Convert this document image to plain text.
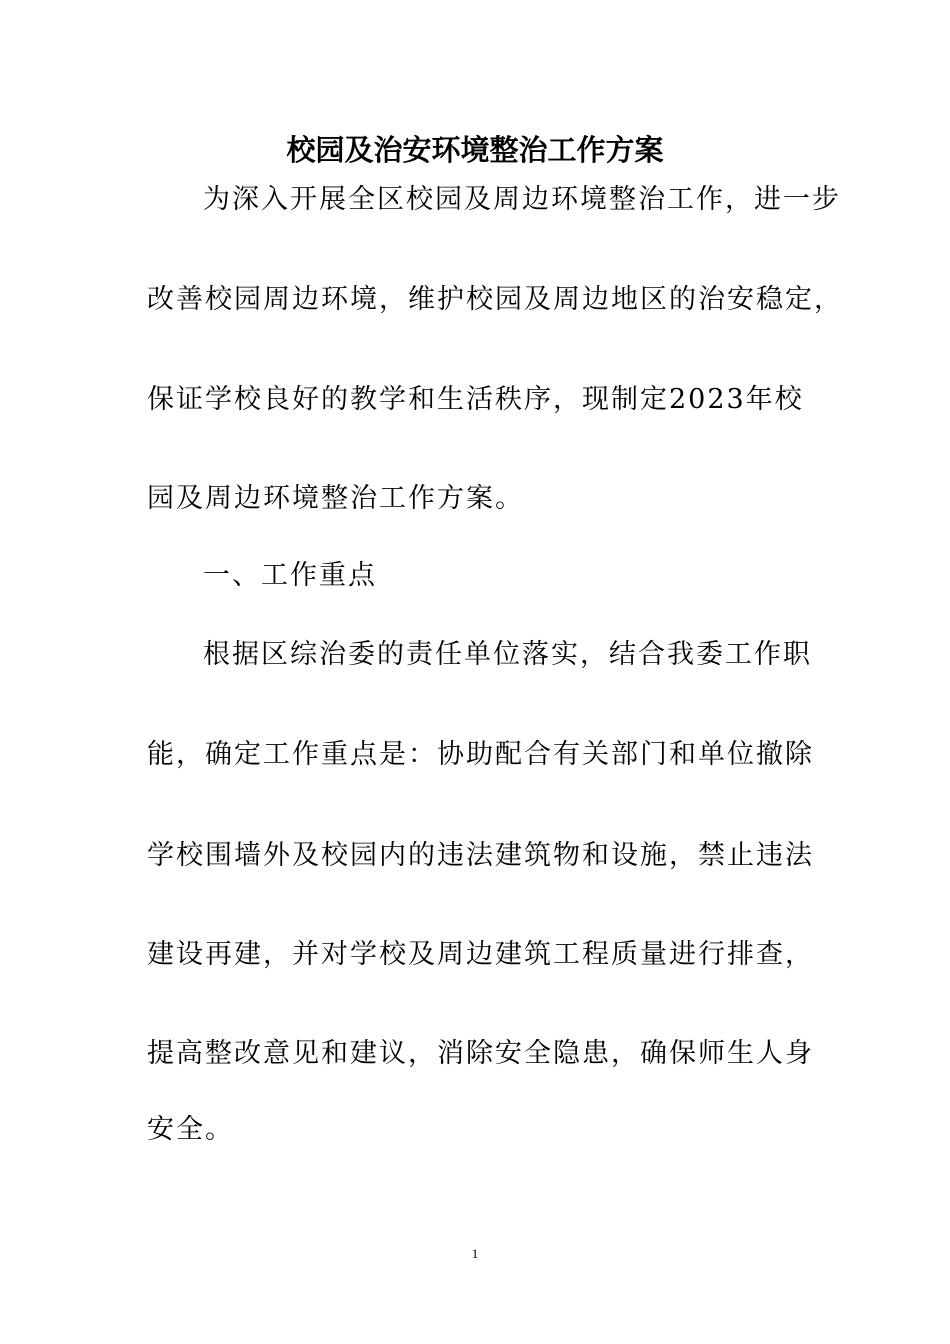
校园及治安环境整治工作方案
为深入开展全区校园及周边环境整治工作，进一步
改善校园周边环境，维护校园及周边地区的治安稳定，
保证学校良好的教学和生活秩序，现制定2023年校
园及周边环境整治工作方案。
一、工作重点
根据区综治委的责任单位落实，结合我委工作职
能，确定工作重点是：协助配合有关部门和单位撤除
学校围墙外及校园内的违法建筑物和设施，禁止违法
建设再建，并对学校及周边建筑工程质量进行排查，
提高整改意见和建议，消除安全隐患，确保师生人身
安全。
1
